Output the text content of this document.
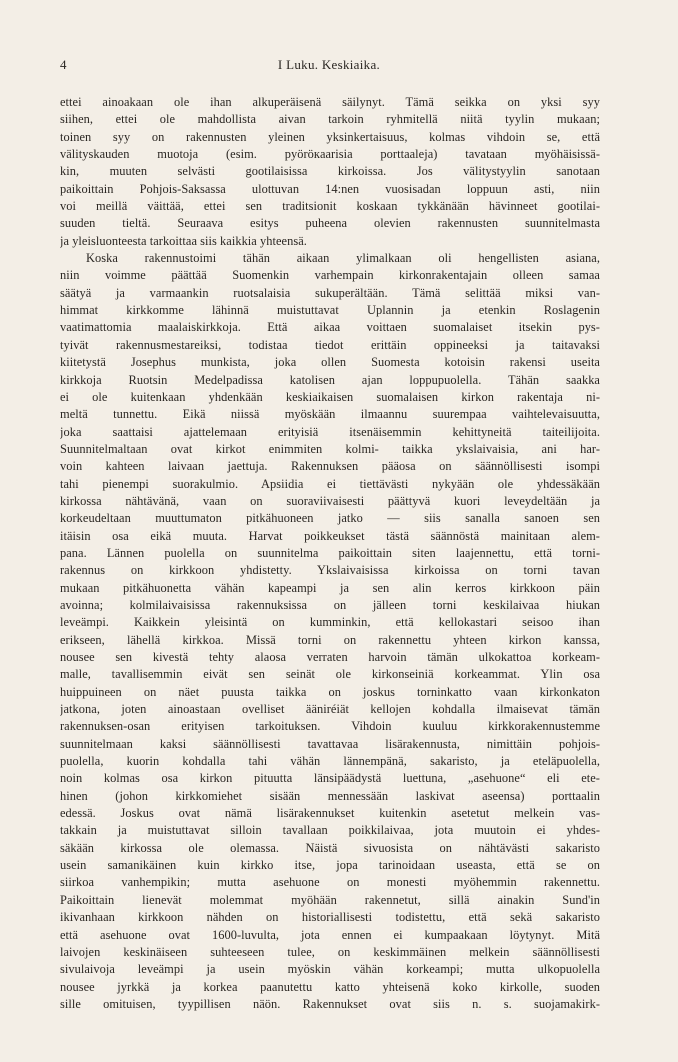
4	I Luku. Keskiaika.
ettei ainoakaan ole ihan alkuperäisenä säilynyt. Tämä seikka on yksi syy
siihen, ettei ole mahdollista aivan tarkoin ryhmitellä niitä tyylin mukaan;
toinen syy on rakennusten yleinen yksinkertaisuus, kolmas vihdoin se, että
välityskauden muotoja (esim. pyöröкaarisia porttaaleja) tavataan myöhäisissä-
kin, muuten selvästi gootilaisissa kirkoissa. Jos välitystyylin sanotaan
paikoittain Pohjois-Saksassa ulottuvan 14:nen vuosisadan loppuun asti, niin
voi meillä väittää, ettei sen traditsionit koskaan tykkänään hävinneet gootilai-
suuden tieltä. Seuraava esitys puheena olevien rakennusten suunnitelmasta
ja yleisluonteesta tarkoittaa siis kaikkia yhteensä.
Koska rakennustoimi tähän aikaan ylimalkaan oli hengellisten asiana,
niin voimme päättää Suomenkin varhempain kirkonrakentajain olleen samaa
säätyä ja varmaankin ruotsalaisia sukuperältään. Tämä selittää miksi van-
himmat kirkkomme lähinnä muistuttavat Uplannin ja etenkin Roslagenin
vaatimattomia maalaiskirkkoja. Että aikaa voittaen suomalaiset itsekin pys-
tyivät rakennusmestareiksi, todistaa tiedot erittäin oppineeksi ja taitavaksi
kiitetystä Josephus munkista, joka ollen Suomesta kotoisin rakensi useita
kirkkoja Ruotsin Medelpadissa katolisen ajan loppupuolella. Tähän saakka
ei ole kuitenkaan yhdenkään keskiaikaisen suomalaisen kirkon rakentaja ni-
meltä tunnettu. Eikä niissä myöskään ilmaannu suurempaa vaihtelevaisuutta,
joka saattaisi ajattelemaan erityisiä itsenäisemmin kehittyneitä taiteilijoita.
Suunnitelmaltaan ovat kirkot enimmiten kolmi- taikka ykslaivaisia, ani har-
voin kahteen laivaan jaettuja. Rakennuksen pääosa on säännöllisesti isompi
tahi pienempi suorakulmio. Apsiidia ei tiettävästi nykyään ole yhdessäkään
kirkossa nähtävänä, vaan on suoraviivaisesti päättyvä kuori leveydeltään ja
korkeudeltaan muuttumaton pitkähuoneen jatko — siis sanalla sanoen sen
itäisin osa eikä muuta. Harvat poikkeukset tästä säännöstä mainitaan alem-
pana. Lännen puolella on suunnitelma paikoittain siten laajennettu, että torni-
rakennus on kirkkoon yhdistetty. Ykslaivaisissa kirkoissa on torni tavan
mukaan pitkähuonetta vähän kapeampi ja sen alin kerros kirkkoon päin
avoinna; kolmilaivaisissa rakennuksissa on jälleen torni keskilaivaa hiukan
leveämpi. Kaikkein yleisintä on kumminkin, että kellokastari seisoo ihan
erikseen, lähellä kirkkoa. Missä torni on rakennettu yhteen kirkon kanssa,
nousee sen kivestä tehty alaosa verraten harvoin tämän ulkokattoa korkeam-
malle, tavallisemmin eivät sen seinät ole kirkonseiniä korkeammat. Ylin osa
huippuineen on näet puusta taikka on joskus torninkatto vaan kirkonkaton
jatkona, joten ainoastaan ovelliset ääniréiät kellojen kohdalla ilmaisevat tämän
rakennuksen-osan erityisen tarkoituksen. Vihdoin kuuluu kirkkorakennustemme
suunnitelmaan kaksi säännöllisesti tavattavaa lisärakennusta, nimittäin pohjois-
puolella, kuorin kohdalla tahi vähän lännempänä, sakaristo, ja eteläpuolella,
noin kolmas osa kirkon pituutta länsipäädystä luettuna, „asehuone“ eli ete-
hinen (johon kirkkomiehet sisään mennessään laskivat aseensa) porttaalin
edessä. Joskus ovat nämä lisärakennukset kuitenkin asetetut melkein vas-
takkain ja muistuttavat silloin tavallaan poikkilaivaa, jota muutoin ei yhdes-
säkään kirkossa ole olemassa. Näistä sivuosista on nähtävästi sakaristo
usein samanikäinen kuin kirkko itse, jopa tarinoidaan useasta, että se on
siirkoa vanhempikin; mutta asehuone on monesti myöhemmin rakennettu.
Paikoittain lienevät molemmat myöhään rakennetut, sillä ainakin Sund'in
ikivanhaan kirkkoon nähden on historiallisesti todistettu, että sekä sakaristo
että asehuone ovat 1600-luvulta, jota ennen ei kumpaakaan löytynyt. Mitä
laivojen keskinäiseen suhteeseen tulee, on keskimmäinen melkein säännöllisesti
sivulaivoja leveämpi ja usein myöskin vähän korkeampi; mutta ulkopuolella
nousee jyrkkä ja korkea paanutettu katto yhteisenä koko kirkolle, suoden
sille omituisen, tyypillisen näön. Rakennukset ovat siis n. s. suojamakirk-
